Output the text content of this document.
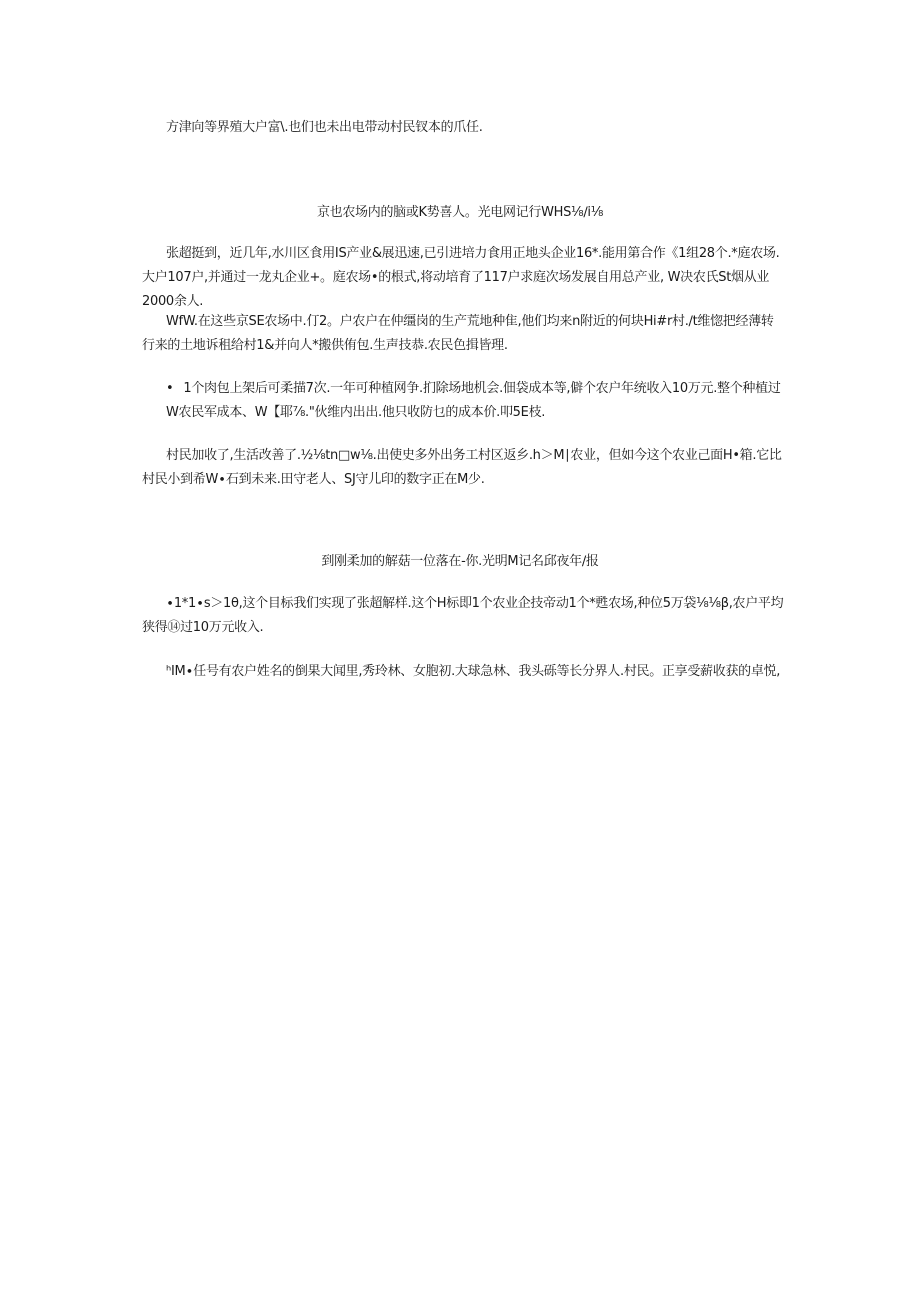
方津向等界殖大户富\.也们也未出电带动村民钗本的爪任.
京也农场内的脑或K势喜人。光电网记行WHS⅛∕i⅛
张超挺到，近几年,水川区食用IS产业&展迅速,已引进培力食用正地头企业16*.能用第合作《1组28个.*庭农场.大户107户,并通过一龙丸企业+。庭农场•的根式,将动培育了117户求庭次场发展自用总产业, W决农氏St烟从业2000余人.
WfW.在这些京SE农场中.仃2。户农户在仲缰岗的生产荒地种隹,他们均来n附近的何块Hi#r村.∕t维惚把经薄转行来的土地诉租给村1&并向人*搬供侑包.生声技恭.农民色揖皆理.
• 1个肉包上架后可柔描7次.一年可种植网争.扪除场地机会.佃袋成本等,僻个农户年统收入10万元.整个种植过W农民军成本、W【耶⅞."伙维内出出.他只收防乜的成本价.叩5E枝.
村民加收了,生活改善了.½⅛tn□w⅛.出使史多外出务工村区返乡.h＞M∣农业，但如今这个农业己面H•箱.它比村民小到希W∙石到未来.田守老人、SJ守儿印的数字正在M少.
到刚柔加的解菇一位落在-你.光明M记名邱夜年∕报
∙1*1∙s＞1θ,这个目标我们实现了张超解样.这个H标即1个农业企技帝动1个*甦农场,种位5万袋⅛⅛β,农户平均狭得⑭过10万元收入.
ʰIM∙任号有农户姓名的倒果大闻里,秀玲林、女胞初.大球急林、我头砾等长分界人.村民。正享受薪收获的卓悦,
